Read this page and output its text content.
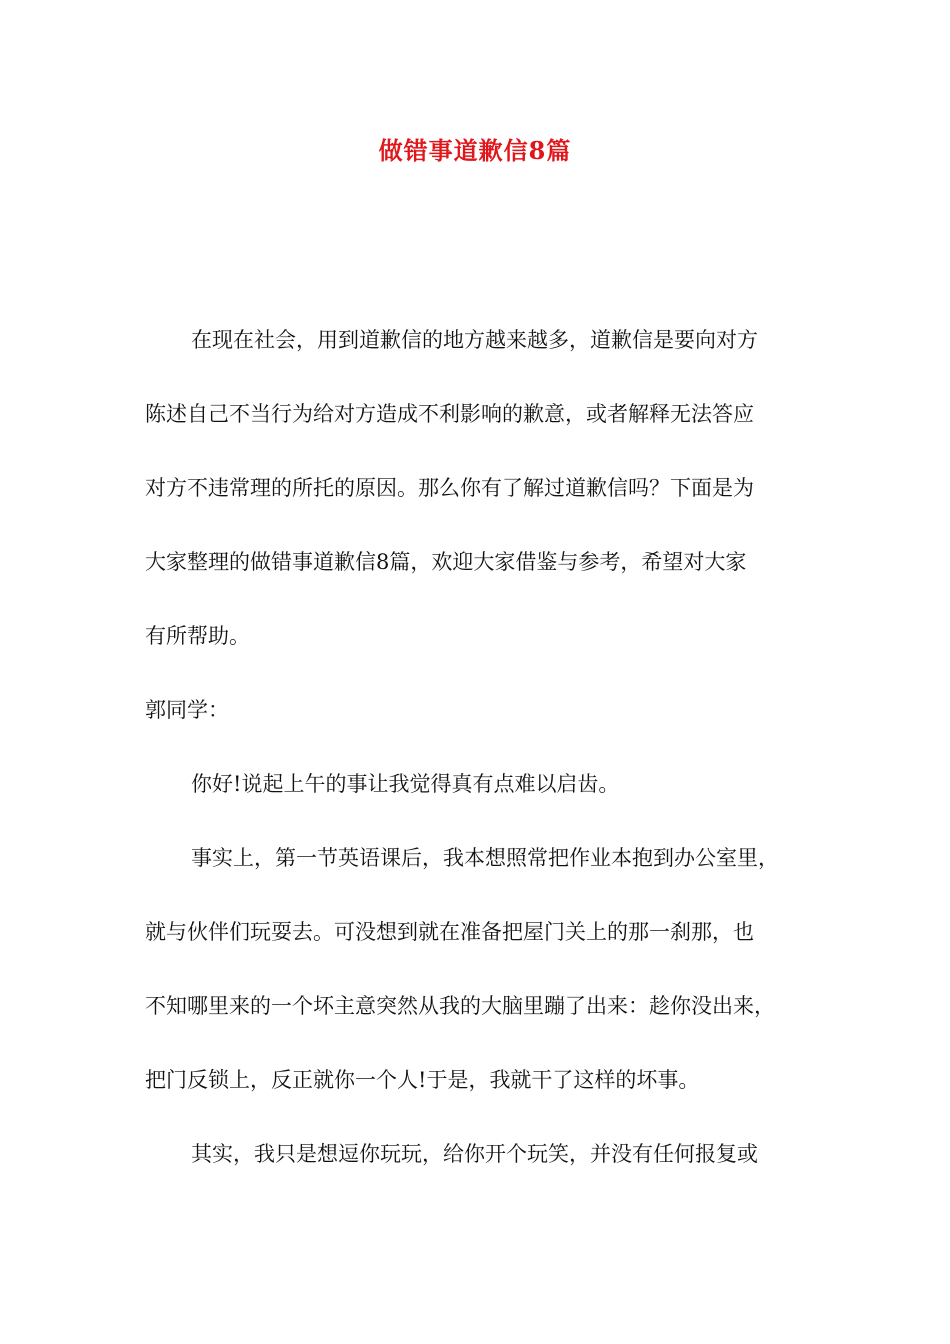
做错事道歉信8篇
在现在社会，用到道歉信的地方越来越多，道歉信是要向对方
陈述自己不当行为给对方造成不利影响的歉意，或者解释无法答应
对方不违常理的所托的原因。那么你有了解过道歉信吗？下面是为
大家整理的做错事道歉信8篇，欢迎大家借鉴与参考，希望对大家
有所帮助。
郭同学：
你好!说起上午的事让我觉得真有点难以启齿。
事实上，第一节英语课后，我本想照常把作业本抱到办公室里，
就与伙伴们玩耍去。可没想到就在准备把屋门关上的那一刹那，也
不知哪里来的一个坏主意突然从我的大脑里蹦了出来：趁你没出来，
把门反锁上，反正就你一个人!于是，我就干了这样的坏事。
其实，我只是想逗你玩玩，给你开个玩笑，并没有任何报复或
